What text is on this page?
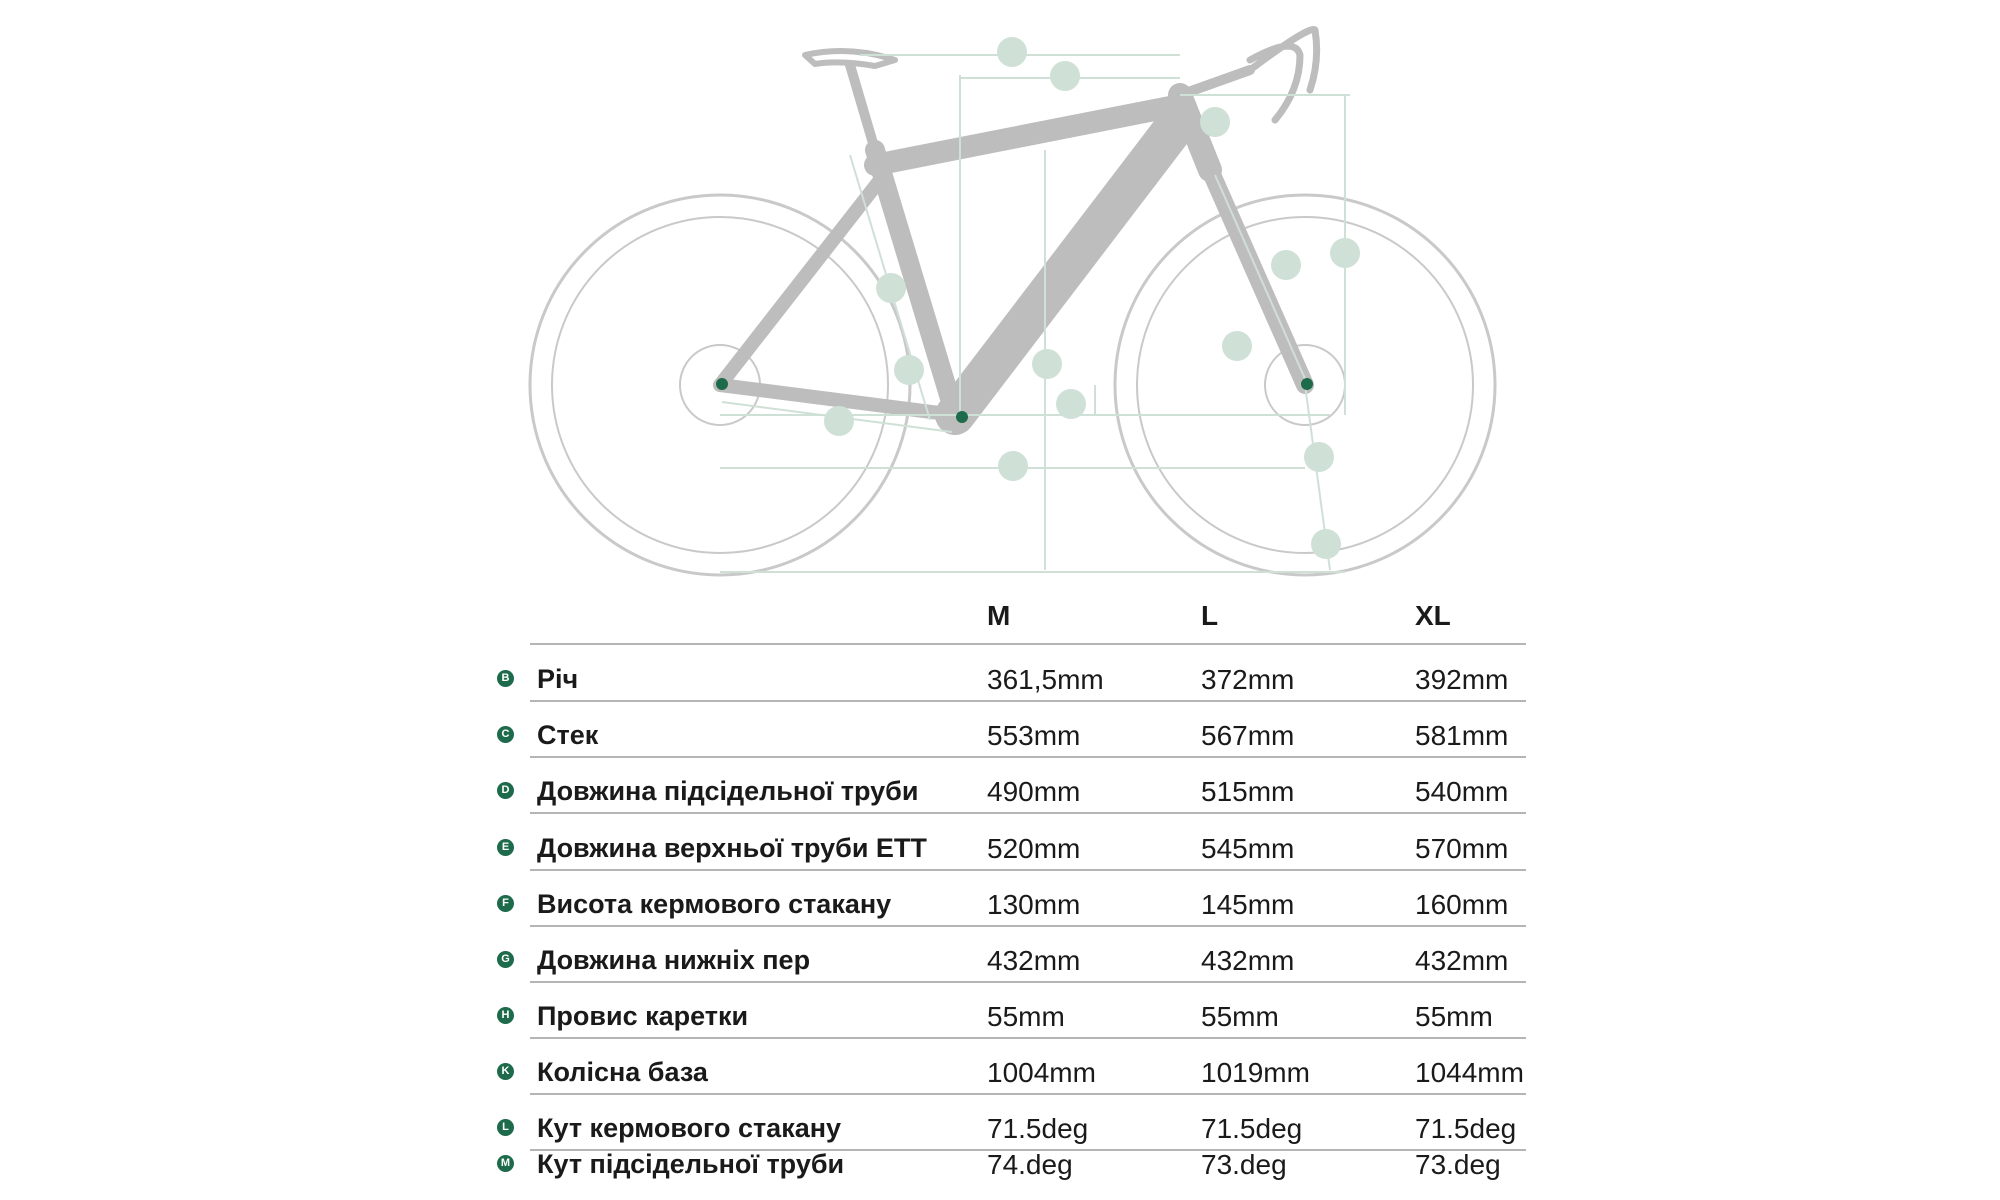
M	L	XL
B Річ	361,5mm	372mm	392mm
C Стек	553mm	567mm	581mm
D Довжина підсідельної труби 490mm	515mm	540mm
E Довжина верхньої труби ETT 520mm	545mm	570mm
F Висота кермового стакану	130mm	145mm	160mm
G Довжина нижніх пер	432mm	432mm	432mm
H Провис каретки	55mm	55mm	55mm
K Колісна база	1004mm	1019mm	1044mm
L Кут кермового стакану	71.5deg	71.5deg	71.5deg
M Кут підсідельної труби	74.deg	73.deg	73.deg
